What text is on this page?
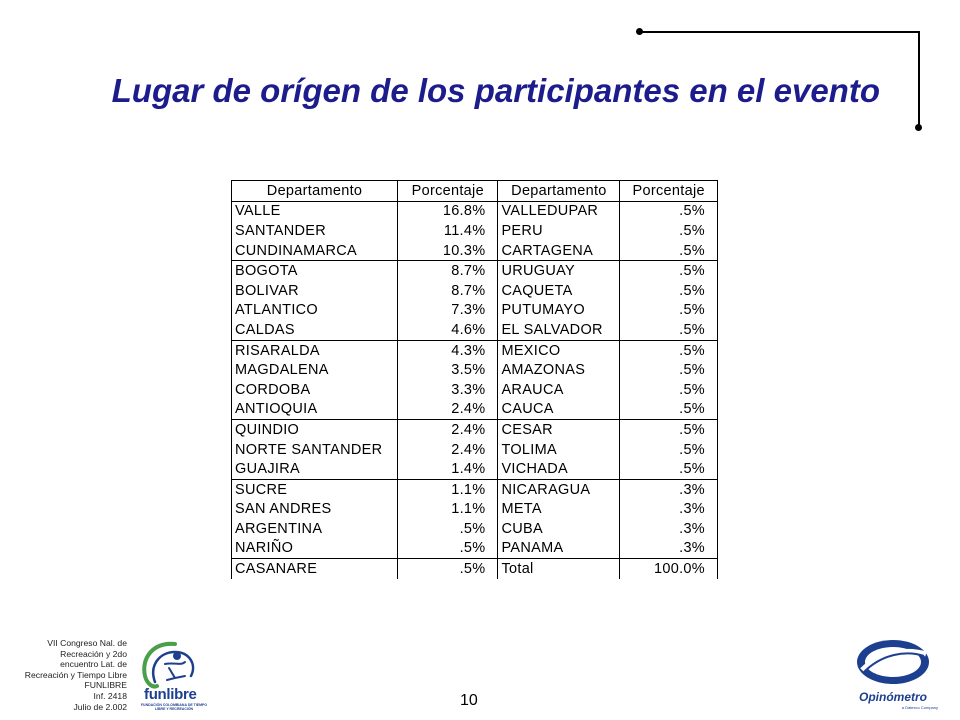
Lugar de orígen de los participantes en el evento
Departamento	Porcentaje	Departamento	Porcentaje
VALLE	16.8%	VALLEDUPAR	.5%
SANTANDER	11.4%	PERU	.5%
CUNDINAMARCA	10.3%	CARTAGENA	.5%
BOGOTA	8.7%	URUGUAY	.5%
BOLIVAR	8.7%	CAQUETA	.5%
ATLANTICO	7.3%	PUTUMAYO	.5%
CALDAS	4.6%	EL SALVADOR	.5%
RISARALDA	4.3%	MEXICO	.5%
MAGDALENA	3.5%	AMAZONAS	.5%
CORDOBA	3.3%	ARAUCA	.5%
ANTIOQUIA	2.4%	CAUCA	.5%
QUINDIO	2.4%	CESAR	.5%
NORTE SANTANDER	2.4%	TOLIMA	.5%
GUAJIRA	1.4%	VICHADA	.5%
SUCRE	1.1%	NICARAGUA	.3%
SAN ANDRES	1.1%	META	.3%
ARGENTINA	.5%	CUBA	.3%
NARIÑO	.5%	PANAMA	.3%
CASANARE	.5%	Total	100.0%
VII Congreso Nal. de
Recreación y 2do
encuentro Lat. de
Recreación y Tiempo Libre
FUNLIBRE
Inf. 2418
Julio de 2.002
funlibre
FUNDACIÓN COLOMBIANA DE TIEMPO LIBRE Y RECREACIÓN	10	Opinómetro
a Datexco Company
